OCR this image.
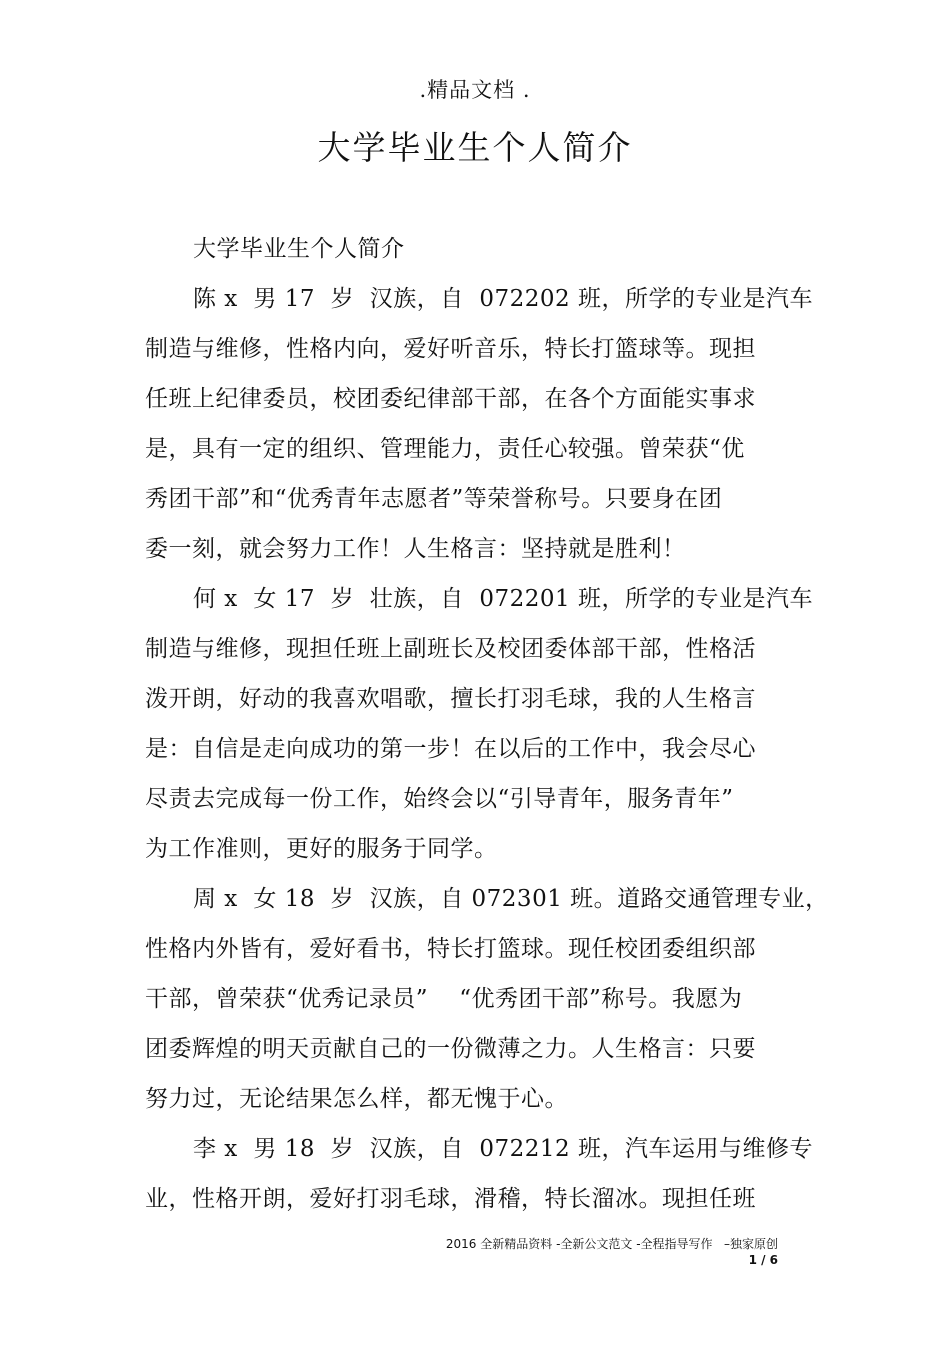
.精品文档 .
大学毕业生个人简介
大学毕业生个人简介
陈 x  男 17  岁  汉族，自  072202 班，所学的专业是汽车
制造与维修，性格内向，爱好听音乐，特长打篮球等。现担
任班上纪律委员，校团委纪律部干部，在各个方面能实事求
是，具有一定的组织、管理能力，责任心较强。曾荣获“优
秀团干部”和“优秀青年志愿者”等荣誉称号。只要身在团
委一刻，就会努力工作！人生格言：坚持就是胜利！
何 x  女 17  岁  壮族，自  072201 班，所学的专业是汽车
制造与维修，现担任班上副班长及校团委体部干部，性格活
泼开朗，好动的我喜欢唱歌，擅长打羽毛球，我的人生格言
是：自信是走向成功的第一步！在以后的工作中，我会尽心
尽责去完成每一份工作，始终会以“引导青年，服务青年”
为工作准则，更好的服务于同学。
周 x  女 18  岁  汉族，自 072301 班。道路交通管理专业，
性格内外皆有，爱好看书，特长打篮球。现任校团委组织部
干部，曾荣获“优秀记录员”    “优秀团干部”称号。我愿为
团委辉煌的明天贡献自己的一份微薄之力。人生格言：只要
努力过，无论结果怎么样，都无愧于心。
李 x  男 18  岁  汉族，自  072212 班，汽车运用与维修专
业，性格开朗，爱好打羽毛球，滑稽，特长溜冰。现担任班
2016 全新精品资料 -全新公文范文 -全程指导写作   –独家原创
1 / 6
